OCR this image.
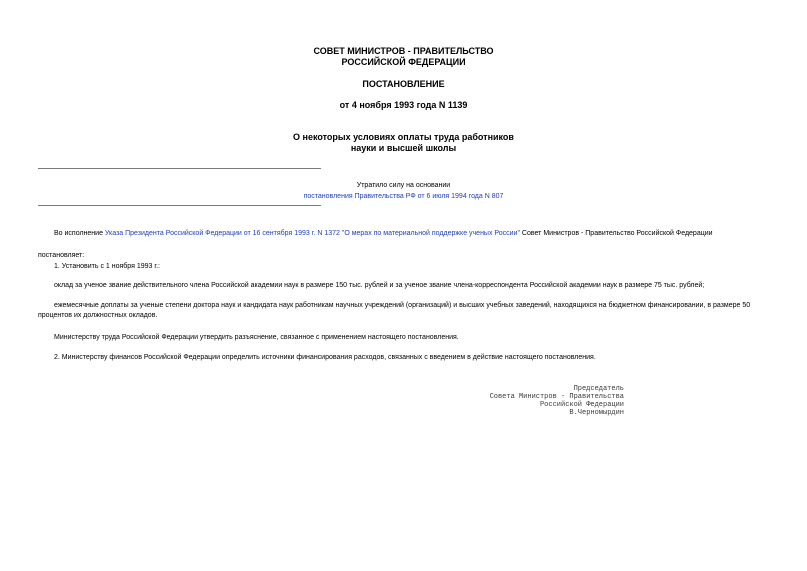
СОВЕТ МИНИСТРОВ - ПРАВИТЕЛЬСТВО
РОССИЙСКОЙ ФЕДЕРАЦИИ
ПОСТАНОВЛЕНИЕ
от 4 ноября 1993 года N 1139
О некоторых условиях оплаты труда работников
науки и высшей школы
Утратило силу на основании
постановления Правительства РФ от 6 июля 1994 года N 807
Во исполнение Указа Президента Российской Федерации от 16 сентября 1993 г. N 1372 "О мерах по материальной поддержке ученых России" Совет Министров - Правительство Российской Федерации
постановляет:
1. Установить с 1 ноября 1993 г.:
оклад за ученое звание действительного члена Российской академии наук в размере 150 тыс. рублей и за ученое звание члена-корреспондента Российской академии наук в размере 75 тыс. рублей;
ежемесячные доплаты за ученые степени доктора наук и кандидата наук работникам научных учреждений (организаций) и высших учебных заведений, находящихся на бюджетном финансировании, в размере 50 процентов их должностных окладов.
Министерству труда Российской Федерации утвердить разъяснение, связанное с применением настоящего постановления.
2. Министерству финансов Российской Федерации определить источники финансирования расходов, связанных с введением в действие настоящего постановления.
Председатель
Совета Министров - Правительства
Российской Федерации
В.Черномырдин
